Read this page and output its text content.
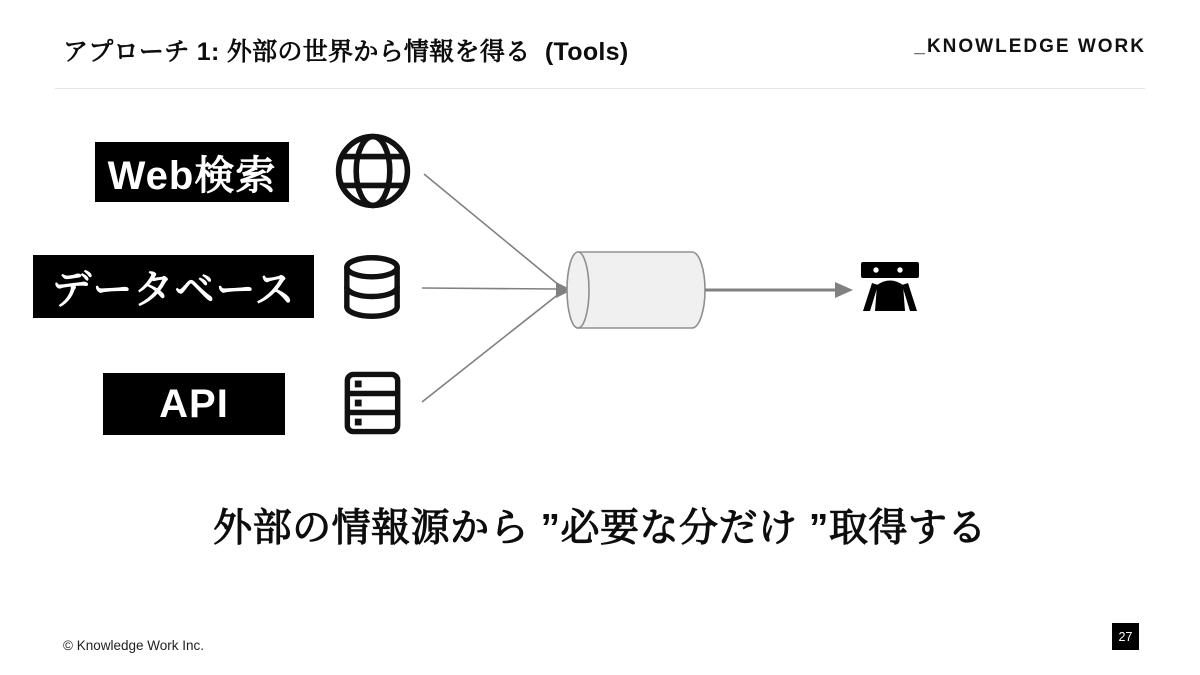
アプローチ 1: 外部の世界から情報を得る  (Tools)	_KNOWLEDGE WORK
Web検索
データベース
API
外部の情報源から ”必要な分だけ ”取得する
© Knowledge Work Inc.
27
